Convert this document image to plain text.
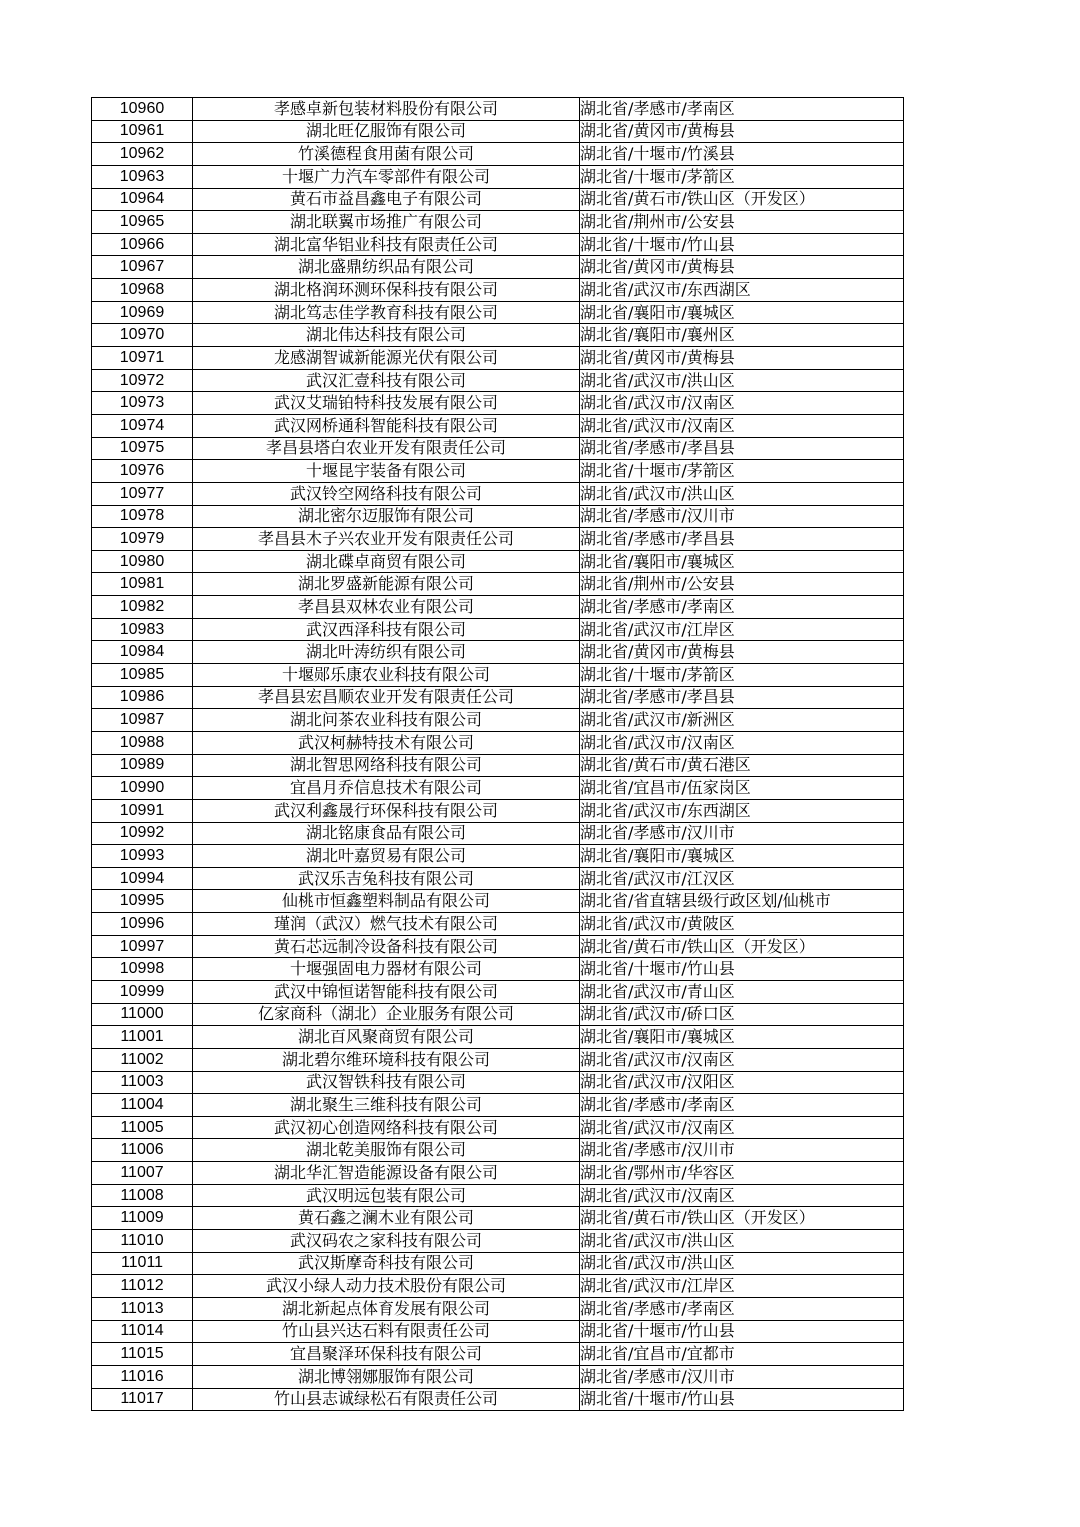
10960	孝感卓新包装材料股份有限公司	湖北省/孝感市/孝南区
10961	湖北旺亿服饰有限公司	湖北省/黄冈市/黄梅县
10962	竹溪德程食用菌有限公司	湖北省/十堰市/竹溪县
10963	十堰广力汽车零部件有限公司	湖北省/十堰市/茅箭区
10964	黄石市益昌鑫电子有限公司	湖北省/黄石市/铁山区（开发区）
10965	湖北联翼市场推广有限公司	湖北省/荆州市/公安县
10966	湖北富华铝业科技有限责任公司	湖北省/十堰市/竹山县
10967	湖北盛鼎纺织品有限公司	湖北省/黄冈市/黄梅县
10968	湖北格润环测环保科技有限公司	湖北省/武汉市/东西湖区
10969	湖北笃志佳学教育科技有限公司	湖北省/襄阳市/襄城区
10970	湖北伟达科技有限公司	湖北省/襄阳市/襄州区
10971	龙感湖智诚新能源光伏有限公司	湖北省/黄冈市/黄梅县
10972	武汉汇壹科技有限公司	湖北省/武汉市/洪山区
10973	武汉艾瑞铂特科技发展有限公司	湖北省/武汉市/汉南区
10974	武汉网桥通科智能科技有限公司	湖北省/武汉市/汉南区
10975	孝昌县塔白农业开发有限责任公司	湖北省/孝感市/孝昌县
10976	十堰昆宇装备有限公司	湖北省/十堰市/茅箭区
10977	武汉铃空网络科技有限公司	湖北省/武汉市/洪山区
10978	湖北密尔迈服饰有限公司	湖北省/孝感市/汉川市
10979	孝昌县木子兴农业开发有限责任公司	湖北省/孝感市/孝昌县
10980	湖北碟卓商贸有限公司	湖北省/襄阳市/襄城区
10981	湖北罗盛新能源有限公司	湖北省/荆州市/公安县
10982	孝昌县双林农业有限公司	湖北省/孝感市/孝南区
10983	武汉西泽科技有限公司	湖北省/武汉市/江岸区
10984	湖北叶涛纺织有限公司	湖北省/黄冈市/黄梅县
10985	十堰郧乐康农业科技有限公司	湖北省/十堰市/茅箭区
10986	孝昌县宏昌顺农业开发有限责任公司	湖北省/孝感市/孝昌县
10987	湖北问茶农业科技有限公司	湖北省/武汉市/新洲区
10988	武汉柯赫特技术有限公司	湖北省/武汉市/汉南区
10989	湖北智思网络科技有限公司	湖北省/黄石市/黄石港区
10990	宜昌月乔信息技术有限公司	湖北省/宜昌市/伍家岗区
10991	武汉利鑫晟行环保科技有限公司	湖北省/武汉市/东西湖区
10992	湖北铭康食品有限公司	湖北省/孝感市/汉川市
10993	湖北叶嘉贸易有限公司	湖北省/襄阳市/襄城区
10994	武汉乐吉兔科技有限公司	湖北省/武汉市/江汉区
10995	仙桃市恒鑫塑料制品有限公司	湖北省/省直辖县级行政区划/仙桃市
10996	瑾润（武汉）燃气技术有限公司	湖北省/武汉市/黄陂区
10997	黄石芯远制冷设备科技有限公司	湖北省/黄石市/铁山区（开发区）
10998	十堰强固电力器材有限公司	湖北省/十堰市/竹山县
10999	武汉中锦恒诺智能科技有限公司	湖北省/武汉市/青山区
11000	亿家商科（湖北）企业服务有限公司	湖北省/武汉市/硚口区
11001	湖北百风聚商贸有限公司	湖北省/襄阳市/襄城区
11002	湖北碧尔维环境科技有限公司	湖北省/武汉市/汉南区
11003	武汉智铁科技有限公司	湖北省/武汉市/汉阳区
11004	湖北聚生三维科技有限公司	湖北省/孝感市/孝南区
11005	武汉初心创造网络科技有限公司	湖北省/武汉市/汉南区
11006	湖北乾美服饰有限公司	湖北省/孝感市/汉川市
11007	湖北华汇智造能源设备有限公司	湖北省/鄂州市/华容区
11008	武汉明远包装有限公司	湖北省/武汉市/汉南区
11009	黄石鑫之澜木业有限公司	湖北省/黄石市/铁山区（开发区）
11010	武汉码农之家科技有限公司	湖北省/武汉市/洪山区
11011	武汉斯摩奇科技有限公司	湖北省/武汉市/洪山区
11012	武汉小绿人动力技术股份有限公司	湖北省/武汉市/江岸区
11013	湖北新起点体育发展有限公司	湖北省/孝感市/孝南区
11014	竹山县兴达石料有限责任公司	湖北省/十堰市/竹山县
11015	宜昌聚泽环保科技有限公司	湖北省/宜昌市/宜都市
11016	湖北博翎娜服饰有限公司	湖北省/孝感市/汉川市
11017	竹山县志诚绿松石有限责任公司	湖北省/十堰市/竹山县
